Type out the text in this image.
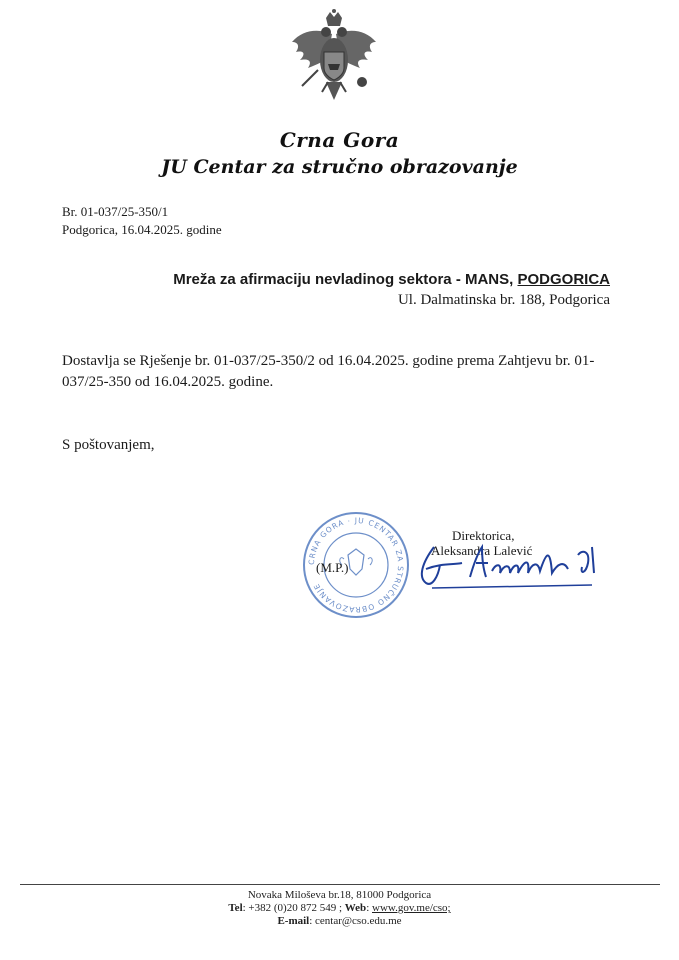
Crna Gora
JU Centar za stručno obrazovanje
Br. 01-037/25-350/1
Podgorica, 16.04.2025. godine
Mreža za afirmaciju nevladinog sektora - MANS, PODGORICA
Ul. Dalmatinska br. 188, Podgorica
Dostavlja se Rješenje br. 01-037/25-350/2 od 16.04.2025. godine prema Zahtjevu br. 01-
037/25-350 od 16.04.2025. godine.
S poštovanjem,
CRNA GORA · JU CENTAR ZA STRUČNO OBRAZOVANJE
(M.P.)
Direktorica,
Aleksandra Lalević
Novaka Miloševa br.18, 81000 Podgorica
Tel: +382 (0)20 872 549 ; Web: www.gov.me/cso;
E-mail: centar@cso.edu.me
